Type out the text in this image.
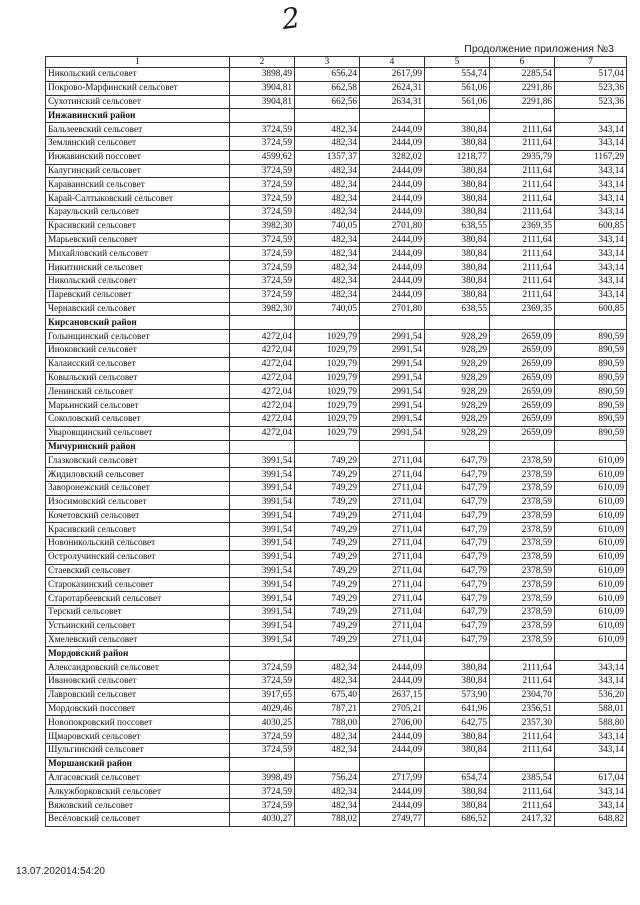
2
Продолжение приложения №3
1	2	3	4	5	6	7
Никольский сельсовет	3898,49	656,24	2617,99	554,74	2285,54	517,04
Покрово-Марфинский сельсовет	3904,81	662,58	2624,31	561,06	2291,86	523,36
Сухотинский сельсовет	3904,81	662,56	2634,31	561,06	2291,86	523,36
Инжавинский район						
Бальзеевский сельсовет	3724,59	482,34	2444,09	380,84	2111,64	343,14
Землянский сельсовет	3724,59	482,34	2444,09	380,84	2111,64	343,14
Инжавинский поссовет	4599,62	1357,37	3282,02	1218,77	2935,79	1167,29
Калугинский сельсовет	3724,59	482,34	2444,09	380,84	2111,64	343,14
Караваинский сельсовет	3724,59	482,34	2444,09	380,84	2111,64	343,14
Карай-Салтыковский сельсовет	3724,59	482,34	2444,09	380,84	2111,64	343,14
Караульский сельсовет	3724,59	482,34	2444,09	380,84	2111,64	343,14
Красивский сельсовет	3982,30	740,05	2701,80	638,55	2369,35	600,85
Марьевский сельсовет	3724,59	482,34	2444,09	380,84	2111,64	343,14
Михайловский сельсовет	3724,59	482,34	2444,09	380,84	2111,64	343,14
Никитинский сельсовет	3724,59	482,34	2444,09	380,84	2111,64	343,14
Никольский сельсовет	3724,59	482,34	2444,09	380,84	2111,64	343,14
Паревский сельсовет	3724,59	482,34	2444,09	380,84	2111,64	343,14
Чернавский сельсовет	3982,30	740,05	2701,80	638,55	2369,35	600,85
Кирсановский район						
Голынщинский сельсовет	4272,04	1029,79	2991,54	928,29	2659,09	890,59
Иноковский сельсовет	4272,04	1029,79	2991,54	928,29	2659,09	890,59
Калаисский сельсовет	4272,04	1029,79	2991,54	928,29	2659,09	890,59
Ковыльский сельсовет	4272,04	1029,79	2991,54	928,29	2659,09	890,59
Ленинский сельсовет	4272,04	1029,79	2991,54	928,29	2659,09	890,59
Марьинский сельсовет	4272,04	1029,79	2991,54	928,29	2659,09	890,59
Соколовский сельсовет	4272,04	1029,79	2991,54	928,29	2659,09	890,59
Уваровщинский сельсовет	4272,04	1029,79	2991,54	928,29	2659,09	890,59
Мичуринский район						
Глазковский сельсовет	3991,54	749,29	2711,04	647,79	2378,59	610,09
Жидиловский сельсовет	3991,54	749,29	2711,04	647,79	2378,59	610,09
Заворонежский сельсовет	3991,54	749,29	2711,04	647,79	2378,59	610,09
Изосимовский сельсовет	3991,54	749,29	2711,04	647,79	2378,59	610,09
Кочетовский сельсовет	3991,54	749,29	2711,04	647,79	2378,59	610,09
Красивский сельсовет	3991,54	749,29	2711,04	647,79	2378,59	610,09
Новоникольский сельсовет	3991,54	749,29	2711,04	647,79	2378,59	610,09
Остролучинский сельсовет	3991,54	749,29	2711,04	647,79	2378,59	610,09
Стаевский сельсовет	3991,54	749,29	2711,04	647,79	2378,59	610,09
Староказинский сельсовет	3991,54	749,29	2711,04	647,79	2378,59	610,09
Старотарбеевский сельсовет	3991,54	749,29	2711,04	647,79	2378,59	610,09
Терский сельсовет	3991,54	749,29	2711,04	647,79	2378,59	610,09
Устьинский сельсовет	3991,54	749,29	2711,04	647,79	2378,59	610,09
Хмелевский сельсовет	3991,54	749,29	2711,04	647,79	2378,59	610,09
Мордовский район						
Александровский сельсовет	3724,59	482,34	2444,09	380,84	2111,64	343,14
Ивановский сельсовет	3724,59	482,34	2444,09	380,84	2111,64	343,14
Лавровский сельсовет	3917,65	675,40	2637,15	573,90	2304,70	536,20
Мордовский поссовет	4029,46	787,21	2705,21	641,96	2356,51	588,01
Новопокровский поссовет	4030,25	788,00	2706,00	642,75	2357,30	588,80
Щмаровский сельсовет	3724,59	482,34	2444,09	380,84	2111,64	343,14
Шульгинский сельсовет	3724,59	482,34	2444,09	380,84	2111,64	343,14
Моршанский район						
Алгасовский сельсовет	3998,49	756,24	2717,99	654,74	2385,54	617,04
Алкужборковский сельсовет	3724,59	482,34	2444,09	380,84	2111,64	343,14
Вяжовский сельсовет	3724,59	482,34	2444,09	380,84	2111,64	343,14
Весёловский сельсовет	4030,27	788,02	2749,77	686,52	2417,32	648,82
13.07.202014:54:20
